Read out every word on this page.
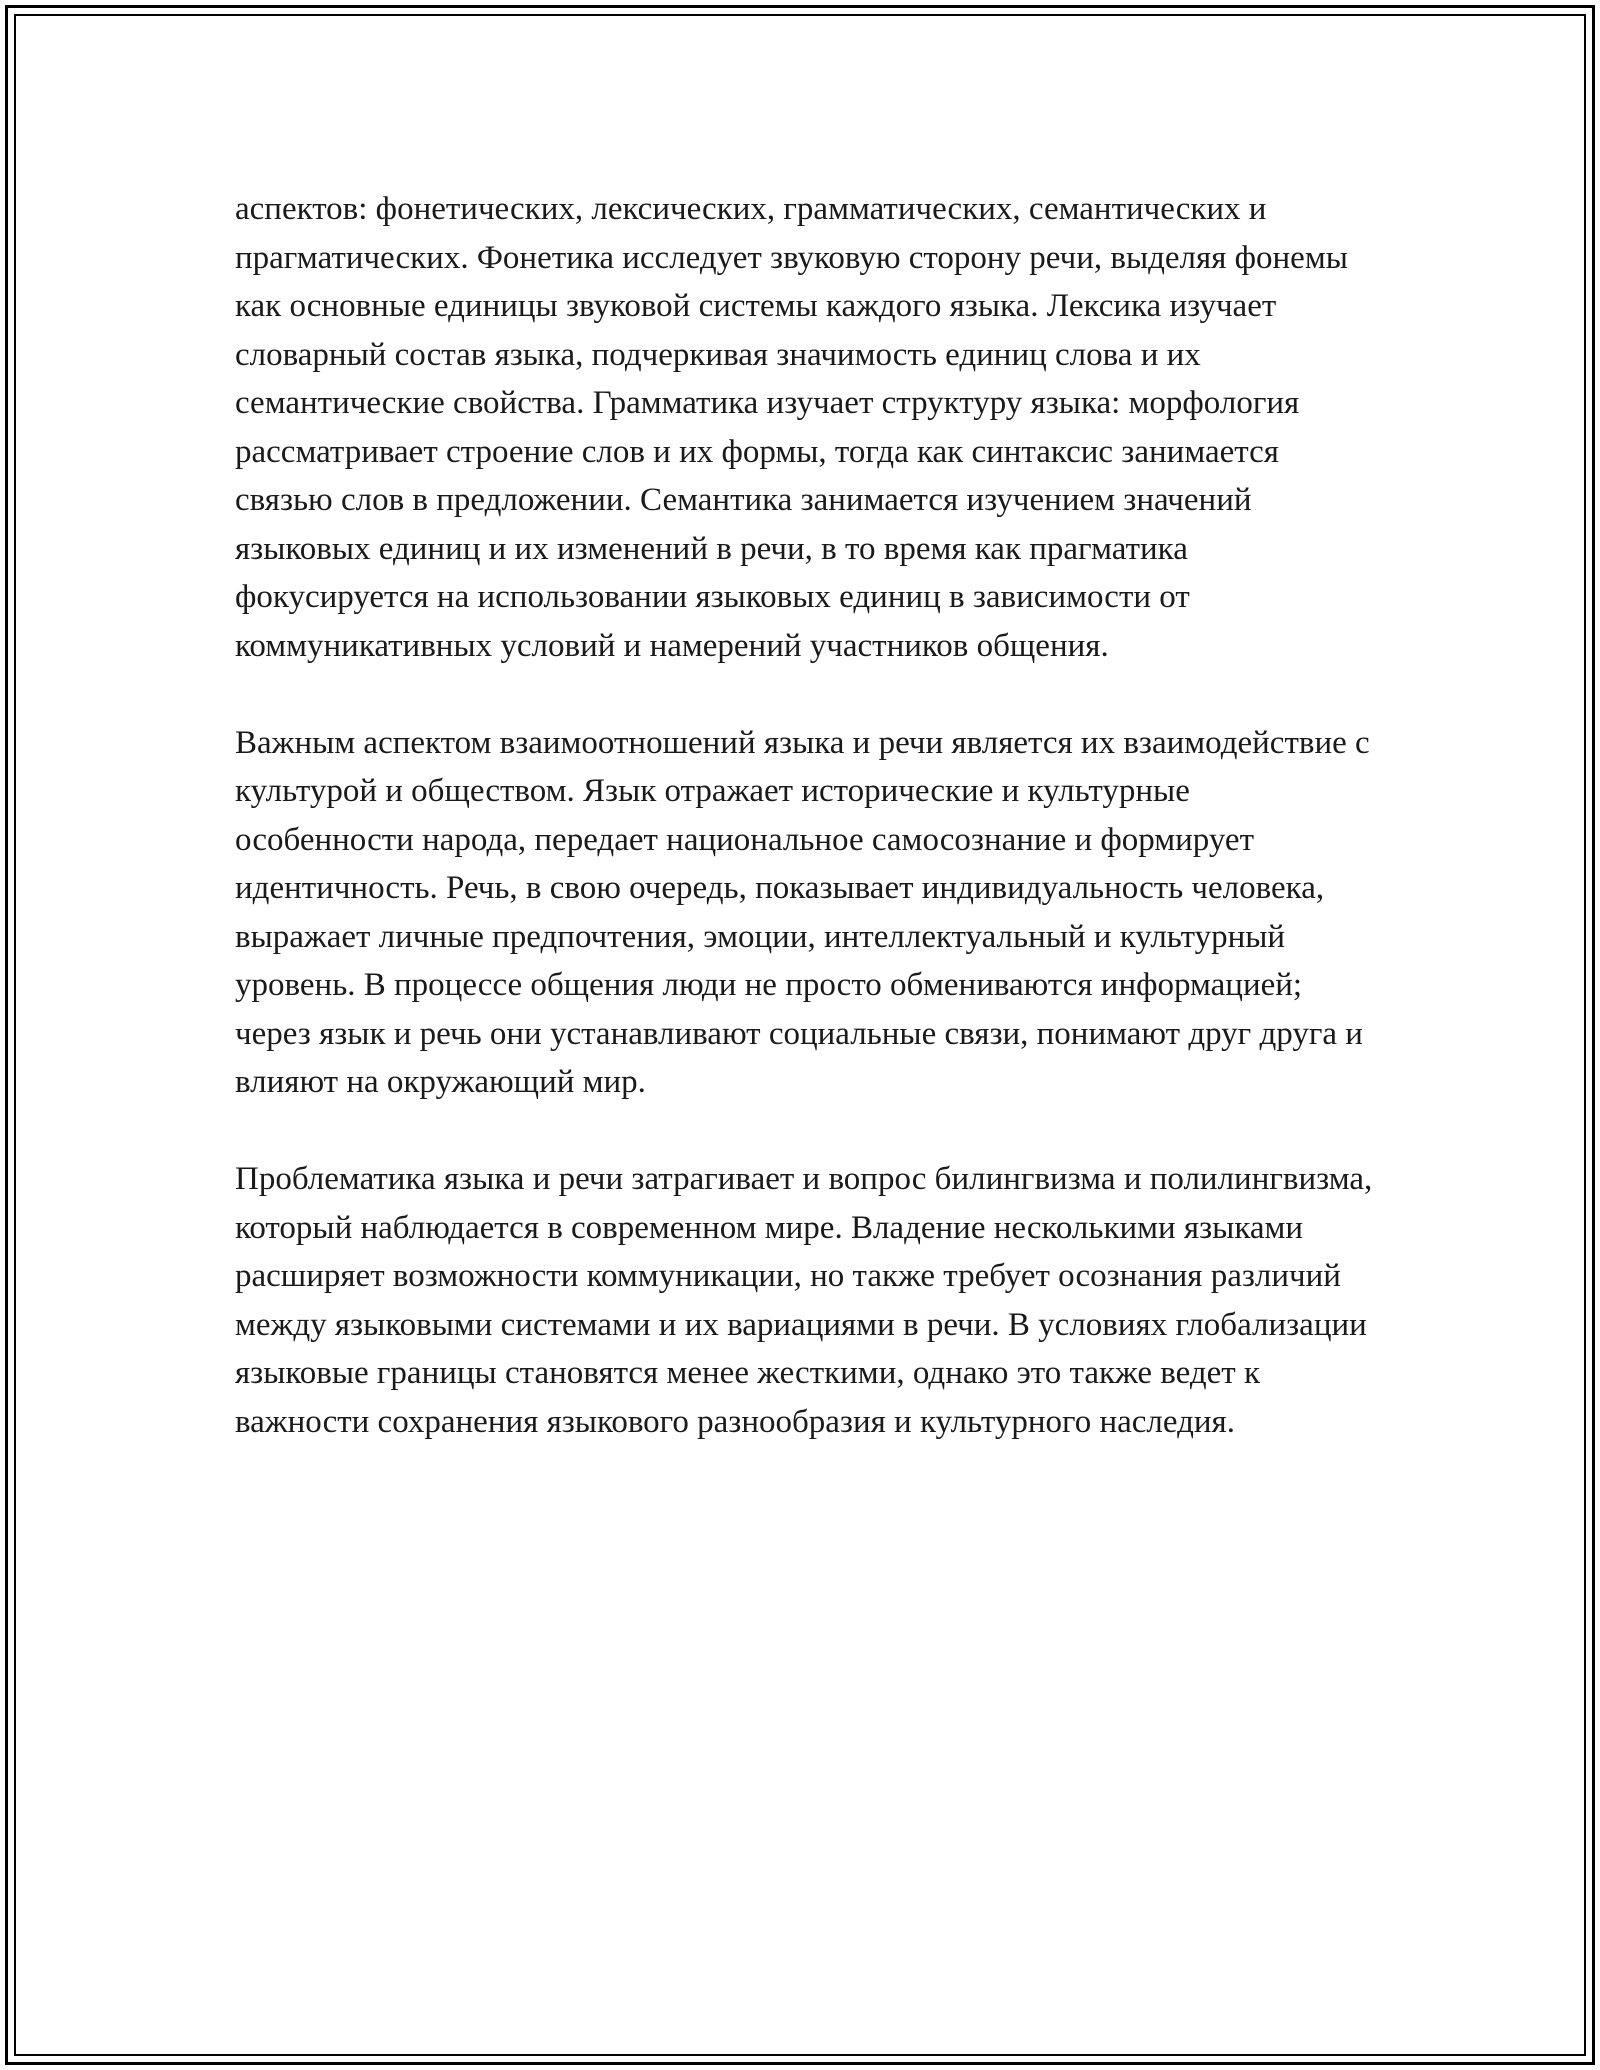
аспектов: фонетических, лексических, грамматических, семантических и прагматических. Фонетика исследует звуковую сторону речи, выделяя фонемы как основные единицы звуковой системы каждого языка. Лексика изучает словарный состав языка, подчеркивая значимость единиц слова и их семантические свойства. Грамматика изучает структуру языка: морфология рассматривает строение слов и их формы, тогда как синтаксис занимается связью слов в предложении. Семантика занимается изучением значений языковых единиц и их изменений в речи, в то время как прагматика фокусируется на использовании языковых единиц в зависимости от коммуникативных условий и намерений участников общения.

Важным аспектом взаимоотношений языка и речи является их взаимодействие с культурой и обществом. Язык отражает исторические и культурные особенности народа, передает национальное самосознание и формирует идентичность. Речь, в свою очередь, показывает индивидуальность человека, выражает личные предпочтения, эмоции, интеллектуальный и культурный уровень. В процессе общения люди не просто обмениваются информацией; через язык и речь они устанавливают социальные связи, понимают друг друга и влияют на окружающий мир.

Проблематика языка и речи затрагивает и вопрос билингвизма и полилингвизма, который наблюдается в современном мире. Владение несколькими языками расширяет возможности коммуникации, но также требует осознания различий между языковыми системами и их вариациями в речи. В условиях глобализации языковые границы становятся менее жесткими, однако это также ведет к важности сохранения языкового разнообразия и культурного наследия.
